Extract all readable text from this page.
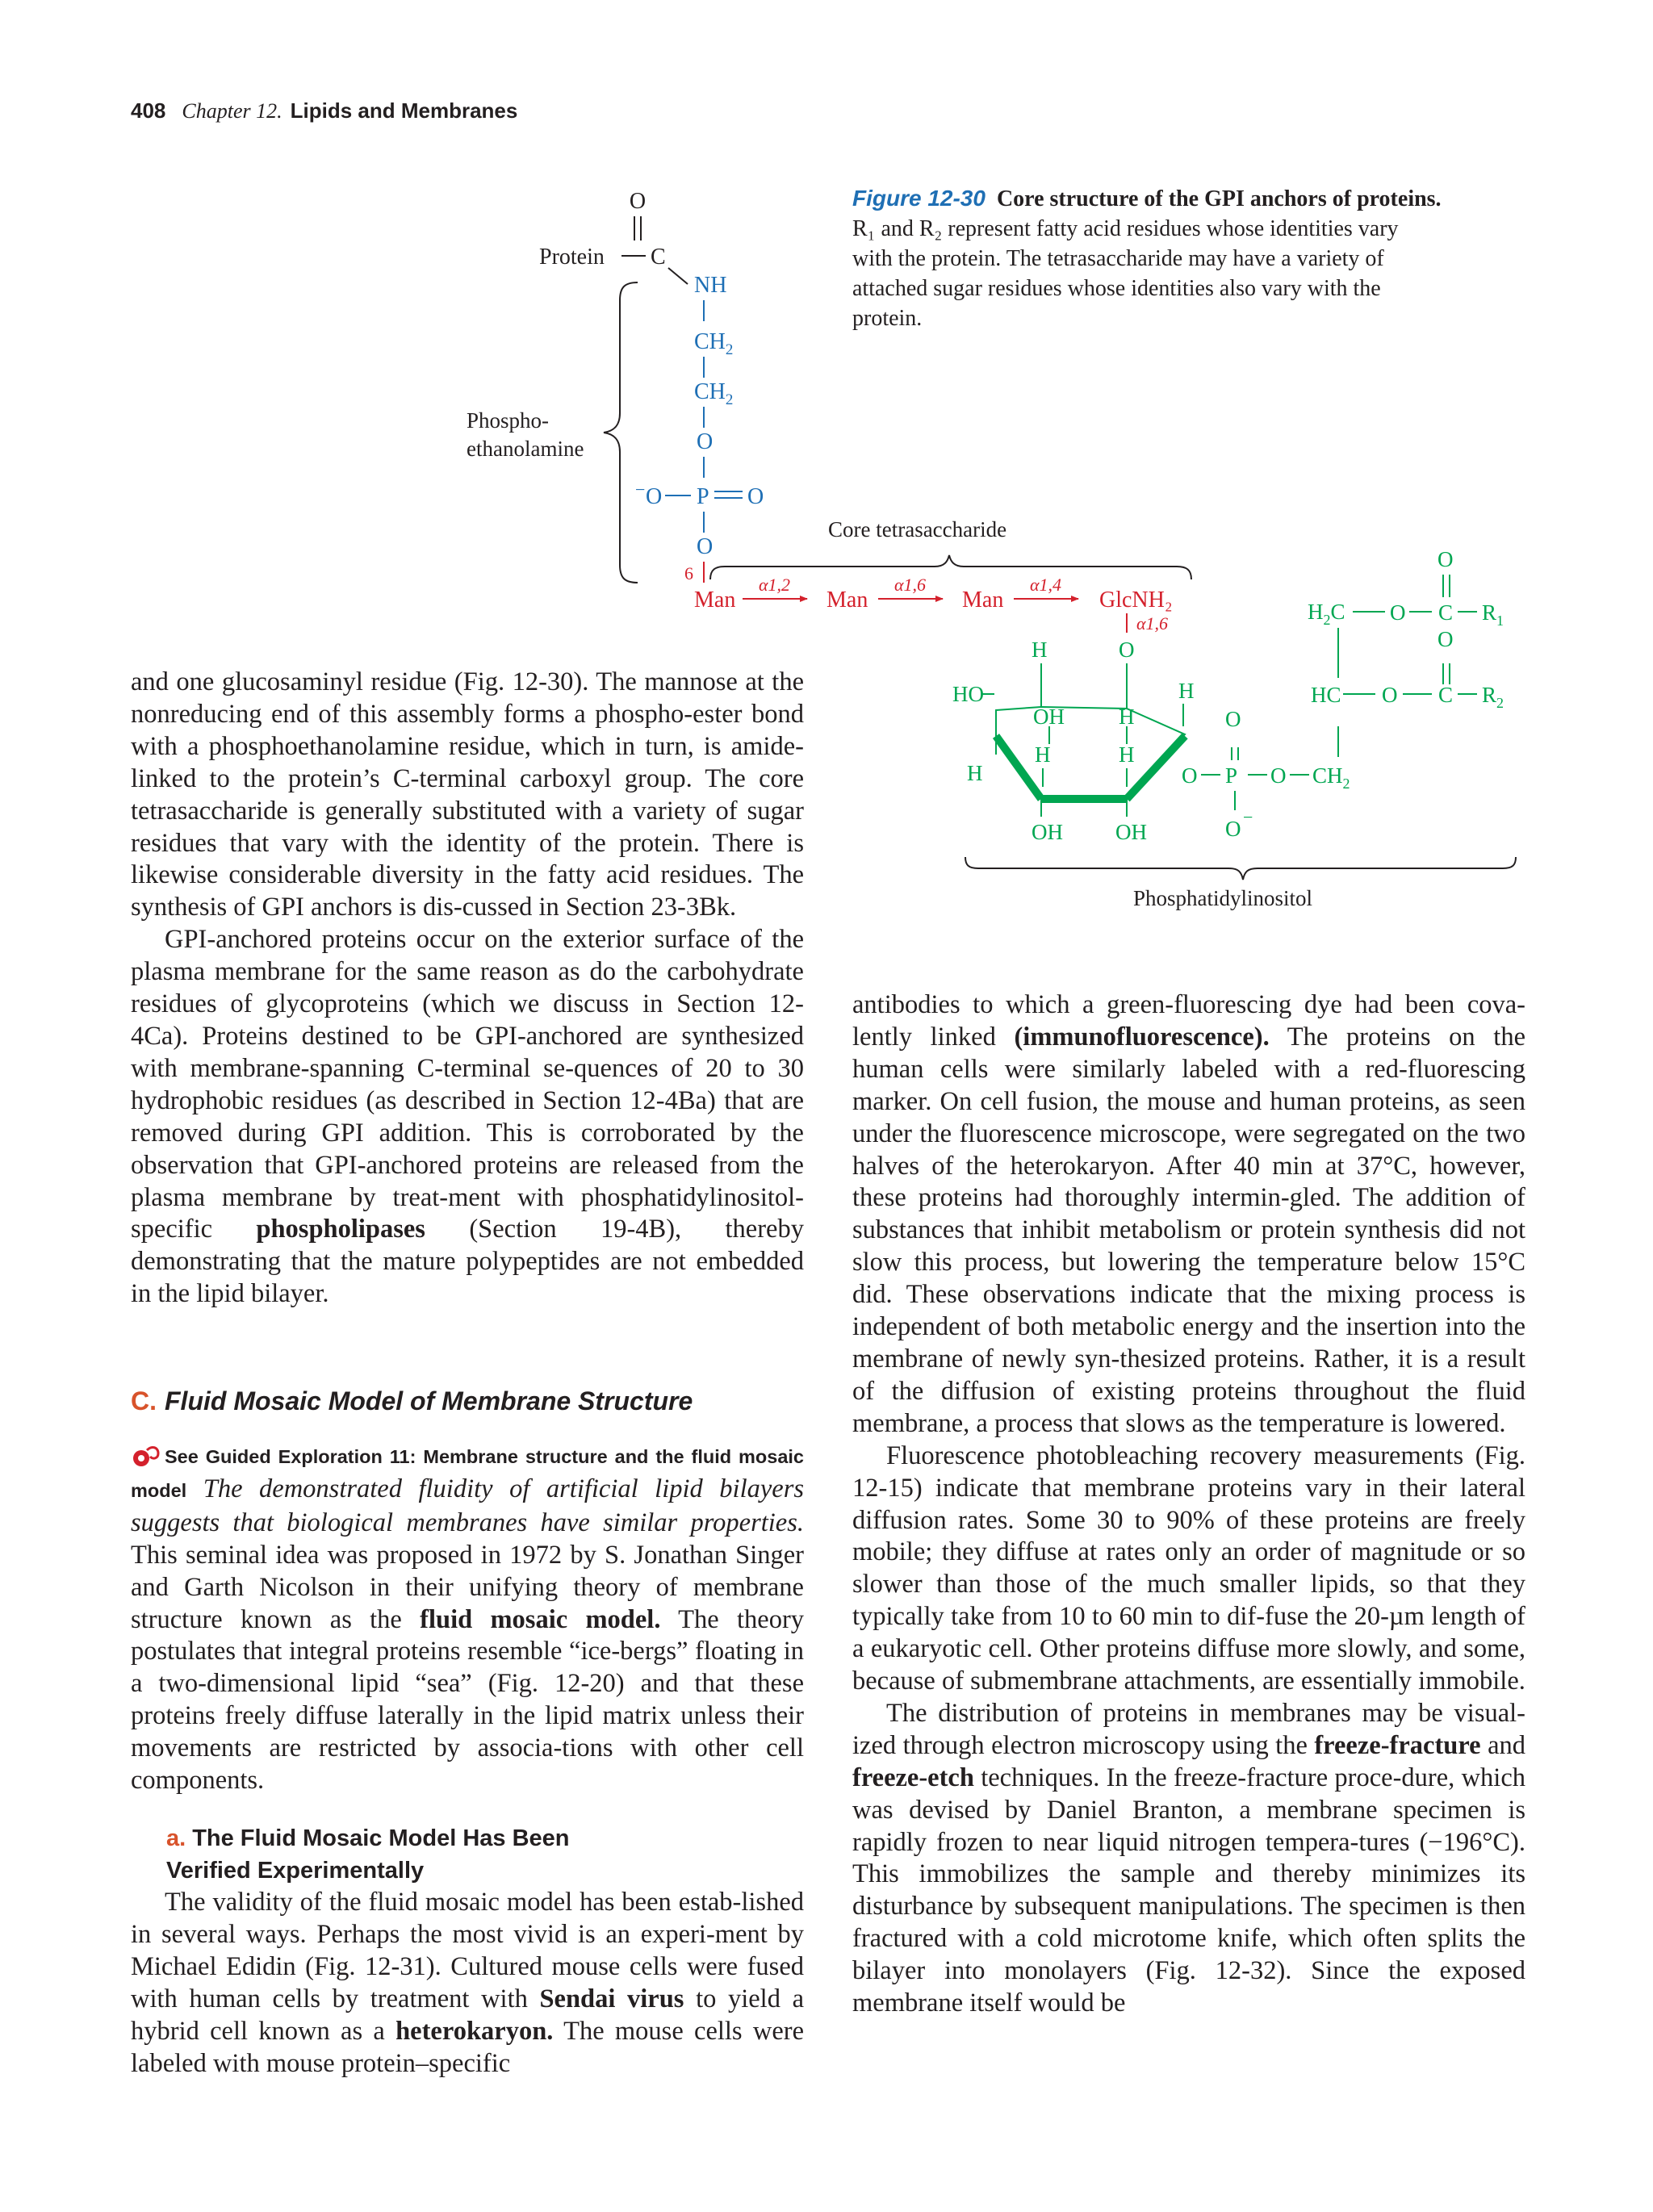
408 Chapter 12. Lipids and Membranes
Figure 12-30 Core structure of the GPI anchors of proteins.
R₁ and R₂ represent fatty acid residues whose identities vary
with the protein. The tetrasaccharide may have a variety of
attached sugar residues whose identities also vary with the
protein.
O
Protein C
NH
$CH_2$
$CH_2$
O
− O P O
O
Phospho-
ethanolamine
Core tetrasaccharide
6
Man
α1,2
Man
α1,6
Man
α1,4
GlcNH₂
α1,6
O
H
HO	H
OH H
H	H
H
OH OH
O P
O
O −
O $CH_2$
HC O C $R_2$
O
$H_2C$ O C $R_1$
O
Phosphatidylinositol

and one glucosaminyl residue (Fig. 12-30). The mannose at the nonreducing end of this assembly forms a phospho-ester bond with a phosphoethanolamine residue, which in turn, is amide-linked to the protein’s C-terminal carboxyl group. The core tetrasaccharide is generally substituted with a variety of sugar residues that vary with the identity of the protein. There is likewise considerable diversity in the fatty acid residues. The synthesis of GPI anchors is dis-cussed in Section 23-3Bk.

GPI-anchored proteins occur on the exterior surface of the plasma membrane for the same reason as do the carbohydrate residues of glycoproteins (which we discuss in Section 12-4Ca). Proteins destined to be GPI-anchored are synthesized with membrane-spanning C-terminal se-quences of 20 to 30 hydrophobic residues (as described in Section 12-4Ba) that are removed during GPI addition. This is corroborated by the observation that GPI-anchored proteins are released from the plasma membrane by treat-ment with phosphatidylinositol-specific phospholipases (Section 19-4B), thereby demonstrating that the mature polypeptides are not embedded in the lipid bilayer.

C. Fluid Mosaic Model of Membrane Structure

See Guided Exploration 11: Membrane structure and the fluid mosaic model The demonstrated fluidity of artificial lipid bilayers suggests that biological membranes have similar properties. This seminal idea was proposed in 1972 by S. Jonathan Singer and Garth Nicolson in their unifying theory of membrane structure known as the fluid mosaic model. The theory postulates that integral proteins resemble “ice-bergs” floating in a two-dimensional lipid “sea” (Fig. 12-20) and that these proteins freely diffuse laterally in the lipid matrix unless their movements are restricted by associa-tions with other cell components.

a. The Fluid Mosaic Model Has Been
Verified Experimentally

The validity of the fluid mosaic model has been estab-lished in several ways. Perhaps the most vivid is an experi-ment by Michael Edidin (Fig. 12-31). Cultured mouse cells were fused with human cells by treatment with Sendai virus to yield a hybrid cell known as a heterokaryon. The mouse cells were labeled with mouse protein–specific

antibodies to which a green-fluorescing dye had been cova-lently linked (immunofluorescence). The proteins on the human cells were similarly labeled with a red-fluorescing marker. On cell fusion, the mouse and human proteins, as seen under the fluorescence microscope, were segregated on the two halves of the heterokaryon. After 40 min at 37°C, however, these proteins had thoroughly intermin-gled. The addition of substances that inhibit metabolism or protein synthesis did not slow this process, but lowering the temperature below 15°C did. These observations indicate that the mixing process is independent of both metabolic energy and the insertion into the membrane of newly syn-thesized proteins. Rather, it is a result of the diffusion of existing proteins throughout the fluid membrane, a process that slows as the temperature is lowered.

Fluorescence photobleaching recovery measurements (Fig. 12-15) indicate that membrane proteins vary in their lateral diffusion rates. Some 30 to 90% of these proteins are freely mobile; they diffuse at rates only an order of magnitude or so slower than those of the much smaller lipids, so that they typically take from 10 to 60 min to dif-fuse the 20-µm length of a eukaryotic cell. Other proteins diffuse more slowly, and some, because of submembrane attachments, are essentially immobile.

The distribution of proteins in membranes may be visual-ized through electron microscopy using the freeze-fracture and freeze-etch techniques. In the freeze-fracture proce-dure, which was devised by Daniel Branton, a membrane specimen is rapidly frozen to near liquid nitrogen tempera-tures (−196°C). This immobilizes the sample and thereby minimizes its disturbance by subsequent manipulations. The specimen is then fractured with a cold microtome knife, which often splits the bilayer into monolayers (Fig. 12-32). Since the exposed membrane itself would be
